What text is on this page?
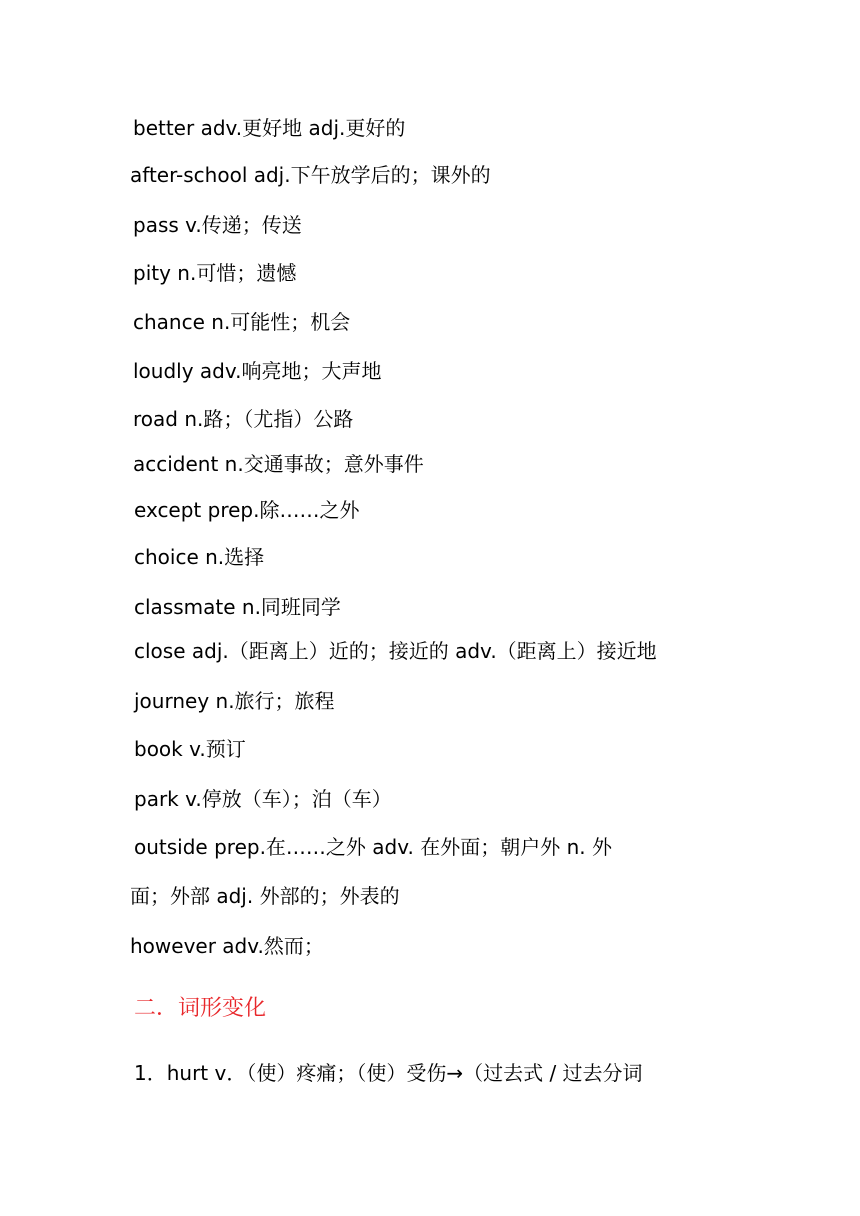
better adv.更好地 adj.更好的
after-school adj.下午放学后的；课外的
pass v.传递；传送
pity n.可惜；遗憾
chance n.可能性；机会
loudly adv.响亮地；大声地
road n.路；（尤指）公路
accident n.交通事故；意外事件
except prep.除……之外
choice n.选择
classmate n.同班同学
close adj.（距离上）近的；接近的 adv.（距离上）接近地
journey n.旅行；旅程
book v.预订
park v.停放（车）；泊（车）
outside prep.在……之外 adv. 在外面；朝户外 n. 外
面；外部 adj. 外部的；外表的
however adv.然而；
二．词形变化
1．hurt v．（使）疼痛；（使）受伤→（过去式 / 过去分词
